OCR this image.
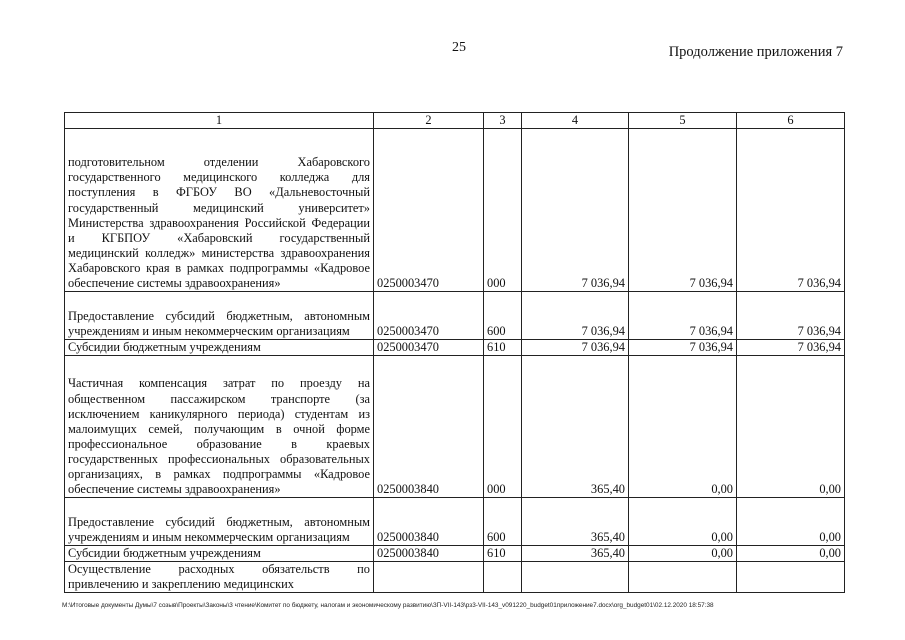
25	Продолжение приложения 7
1	2	3	4	5	6
подготовительном отделении Хабаровского государственного медицинского колледжа для поступления в ФГБОУ ВО «Дальневосточный государственный медицинский университет» Министерства здравоохранения Российской Федерации и КГБПОУ «Хабаровский государственный медицинский колледж» министерства здравоохранения Хабаровского края в рамках подпрограммы «Кадровое обеспечение системы здравоохранения»	0250003470	000	7 036,94	7 036,94	7 036,94
Предоставление субсидий бюджетным, автономным учреждениям и иным некоммерческим организациям	0250003470	600	7 036,94	7 036,94	7 036,94
Субсидии бюджетным учреждениям	0250003470	610	7 036,94	7 036,94	7 036,94
Частичная компенсация затрат по проезду на общественном пассажирском транспорте (за исключением каникулярного периода) студентам из малоимущих семей, получающим в очной форме профессиональное образование в краевых государственных профессиональных образовательных организациях, в рамках подпрограммы «Кадровое обеспечение системы здравоохранения»	0250003840	000	365,40	0,00	0,00
Предоставление субсидий бюджетным, автономным учреждениям и иным некоммерческим организациям	0250003840	600	365,40	0,00	0,00
Субсидии бюджетным учреждениям	0250003840	610	365,40	0,00	0,00
Осуществление расходных обязательств по привлечению и закреплению медицинских					
M:\Итоговые документы Думы\7 созыв\Проекты\Законы\3 чтение\Комитет по бюджету, налогам и экономическому развитию\ЗП-VII-143\рз3-VII-143_v091220_budget01приложение7.docx\org_budget01\02.12.2020 18:57:38
